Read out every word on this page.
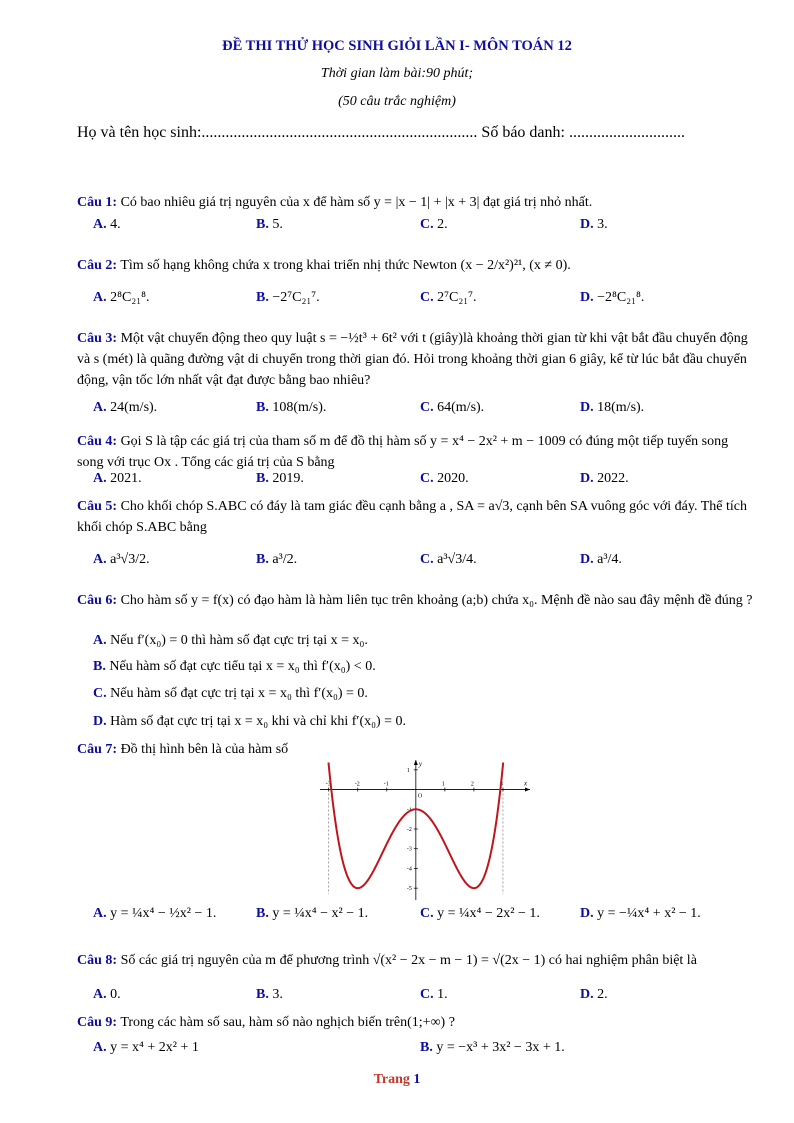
ĐỀ THI THỬ HỌC SINH GIỎI LẦN I- MÔN TOÁN 12
Thời gian làm bài:90 phút;
(50 câu trắc nghiệm)
Họ và tên học sinh:..................................................................... Số báo danh: .............................
Câu 1: Có bao nhiêu giá trị nguyên của x để hàm số y = |x − 1| + |x + 3| đạt giá trị nhỏ nhất.
A. 4.	B. 5.	C. 2.	D. 3.
Câu 2: Tìm số hạng không chứa x trong khai triển nhị thức Newton (x − 2/x²)²¹, (x ≠ 0).
A. 2⁸C₂₁⁸.	B. −2⁷C₂₁⁷.	C. 2⁷C₂₁⁷.	D. −2⁸C₂₁⁸.
Câu 3: Một vật chuyển động theo quy luật s = −½t³ + 6t² với t (giây)là khoảng thời gian từ khi vật bắt đầu chuyển động và s (mét) là quãng đường vật di chuyển trong thời gian đó. Hỏi trong khoảng thời gian 6 giây, kể từ lúc bắt đầu chuyển động, vận tốc lớn nhất vật đạt được bằng bao nhiêu?
A. 24(m/s).	B. 108(m/s).	C. 64(m/s).	D. 18(m/s).
Câu 4: Gọi S là tập các giá trị của tham số m để đồ thị hàm số y = x⁴ − 2x² + m − 1009 có đúng một tiếp tuyến song song với trục Ox . Tổng các giá trị của S bằng
A. 2021.	B. 2019.	C. 2020.	D. 2022.
Câu 5: Cho khối chóp S.ABC có đáy là tam giác đều cạnh bằng a , SA = a√3, cạnh bên SA vuông góc với đáy. Thể tích khối chóp S.ABC bằng
A. a³√3/2.	B. a³/2.	C. a³√3/4.	D. a³/4.
Câu 6: Cho hàm số y = f(x) có đạo hàm là hàm liên tục trên khoảng (a;b) chứa x₀. Mệnh đề nào sau đây mệnh đề đúng ?
A. Nếu f′(x₀) = 0 thì hàm số đạt cực trị tại x = x₀.
B. Nếu hàm số đạt cực tiểu tại x = x₀ thì f′(x₀) < 0.
C. Nếu hàm số đạt cực trị tại x = x₀ thì f′(x₀) = 0.
D. Hàm số đạt cực trị tại x = x₀ khi và chỉ khi f′(x₀) = 0.
Câu 7: Đồ thị hình bên là của hàm số
-3	-2	-1	1	2	3
1
-1
-2
-3
-4
-5
x
y
O
A. y = ¼x⁴ − ½x² − 1.	B. y = ¼x⁴ − x² − 1.	C. y = ¼x⁴ − 2x² − 1.	D. y = −¼x⁴ + x² − 1.
Câu 8: Số các giá trị nguyên của m để phương trình √(x² − 2x − m − 1) = √(2x − 1) có hai nghiệm phân biệt là
A. 0.	B. 3.	C. 1.	D. 2.
Câu 9: Trong các hàm số sau, hàm số nào nghịch biến trên(1;+∞) ?
A. y = x⁴ + 2x² + 1	B. y = −x³ + 3x² − 3x + 1.
Trang 1
